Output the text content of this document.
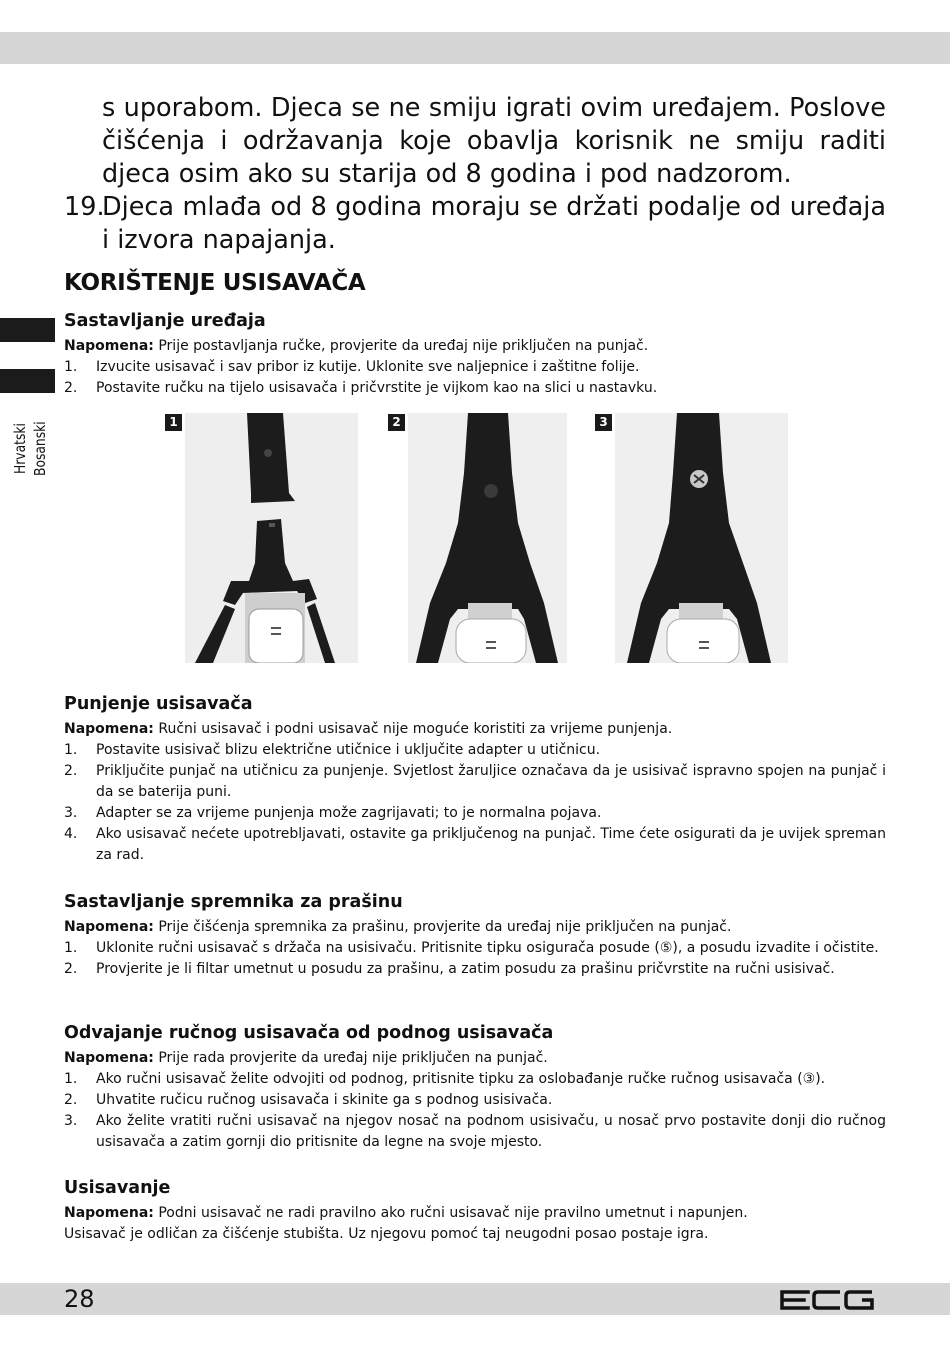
Hrvatski Bosanski

s uporabom. Djeca se ne smiju igrati ovim uređajem. Poslove čišćenja i održavanja koje obavlja korisnik ne smiju raditi djeca osim ako su starija od 8 godina i pod nadzorom.

19.
Djeca mlađa od 8 godina moraju se držati podalje od uređaja i izvora napajanja.
KORIŠTENJE USISAVAČA
Sastavljanje uređaja
Napomena: Prije postavljanja ručke, provjerite da uređaj nije priključen na punjač.
1.	Izvucite usisavač i sav pribor iz kutije. Uklonite sve naljepnice i zaštitne folije.
2.	Postavite ručku na tijelo usisavača i pričvrstite je vijkom kao na slici u nastavku.
1	2	3
Punjenje usisavača
Napomena: Ručni usisavač i podni usisavač nije moguće koristiti za vrijeme punjenja.
1.	Postavite usisivač blizu električne utičnice i uključite adapter u utičnicu.
2.	Priključite punjač na utičnicu za punjenje. Svjetlost žaruljice označava da je usisivač ispravno spojen na punjač i da se baterija puni.
3.	Adapter se za vrijeme punjenja može zagrijavati; to je normalna pojava.
4.	Ako usisavač nećete upotrebljavati, ostavite ga priključenog na punjač. Time ćete osigurati da je uvijek spreman za rad.
Sastavljanje spremnika za prašinu
Napomena: Prije čišćenja spremnika za prašinu, provjerite da uređaj nije priključen na punjač.
1.	Uklonite ručni usisavač s držača na usisivaču. Pritisnite tipku osigurača posude (⑤), a posudu izvadite i očistite.
2.	Provjerite je li filtar umetnut u posudu za prašinu, a zatim posudu za prašinu pričvrstite na ručni usisivač.
Odvajanje ručnog usisavača od podnog usisavača
Napomena: Prije rada provjerite da uređaj nije priključen na punjač.
1.	Ako ručni usisavač želite odvojiti od podnog, pritisnite tipku za oslobađanje ručke ručnog usisavača (③).
2.	Uhvatite ručicu ručnog usisavača i skinite ga s podnog usisivača.
3.	Ako želite vratiti ručni usisavač na njegov nosač na podnom usisivaču, u nosač prvo postavite donji dio ručnog usisavača a zatim gornji dio pritisnite da legne na svoje mjesto.
Usisavanje
Napomena: Podni usisavač ne radi pravilno ako ručni usisavač nije pravilno umetnut i napunjen.
Usisavač je odličan za čišćenje stubišta. Uz njegovu pomoć taj neugodni posao postaje igra.
28
